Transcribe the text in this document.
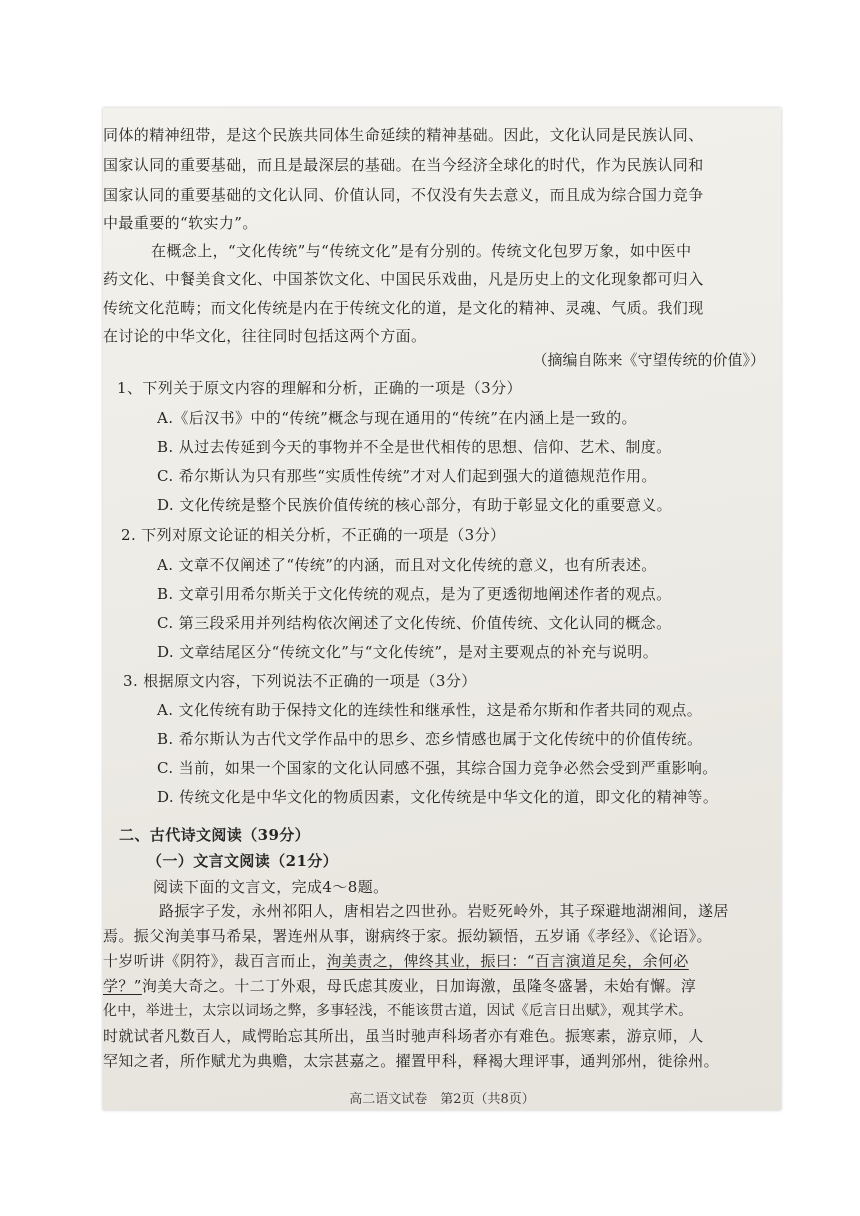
同体的精神纽带，是这个民族共同体生命延续的精神基础。因此，文化认同是民族认同、
国家认同的重要基础，而且是最深层的基础。在当今经济全球化的时代，作为民族认同和
国家认同的重要基础的文化认同、价值认同，不仅没有失去意义，而且成为综合国力竞争
中最重要的“软实力”。
在概念上，“文化传统”与“传统文化”是有分别的。传统文化包罗万象，如中医中
药文化、中餐美食文化、中国茶饮文化、中国民乐戏曲，凡是历史上的文化现象都可归入
传统文化范畴；而文化传统是内在于传统文化的道，是文化的精神、灵魂、气质。我们现
在讨论的中华文化，往往同时包括这两个方面。
（摘编自陈来《守望传统的价值》）
1、下列关于原文内容的理解和分析，正确的一项是（3分）
A.《后汉书》中的“传统”概念与现在通用的“传统”在内涵上是一致的。
B. 从过去传延到今天的事物并不全是世代相传的思想、信仰、艺术、制度。
C. 希尔斯认为只有那些“实质性传统”才对人们起到强大的道德规范作用。
D. 文化传统是整个民族价值传统的核心部分，有助于彰显文化的重要意义。
2. 下列对原文论证的相关分析，不正确的一项是（3分）
A. 文章不仅阐述了“传统”的内涵，而且对文化传统的意义，也有所表述。
B. 文章引用希尔斯关于文化传统的观点，是为了更透彻地阐述作者的观点。
C. 第三段采用并列结构依次阐述了文化传统、价值传统、文化认同的概念。
D. 文章结尾区分“传统文化”与“文化传统”，是对主要观点的补充与说明。
3. 根据原文内容，下列说法不正确的一项是（3分）
A. 文化传统有助于保持文化的连续性和继承性，这是希尔斯和作者共同的观点。
B. 希尔斯认为古代文学作品中的思乡、恋乡情感也属于文化传统中的价值传统。
C. 当前，如果一个国家的文化认同感不强，其综合国力竞争必然会受到严重影响。
D. 传统文化是中华文化的物质因素，文化传统是中华文化的道，即文化的精神等。
二、古代诗文阅读（39分）
（一）文言文阅读（21分）
阅读下面的文言文，完成4～8题。
路振字子发，永州祁阳人，唐相岩之四世孙。岩贬死岭外，其子琛避地湖湘间，遂居
焉。振父洵美事马希杲，署连州从事，谢病终于家。振幼颖悟，五岁诵《孝经》、《论语》。
十岁听讲《阴符》，裁百言而止，洵美责之，俾终其业，振曰：“百言演道足矣，余何必
学？”洵美大奇之。十二丁外艰，母氏虑其废业，日加诲激，虽隆冬盛暑，未始有懈。淳
化中，举进士，太宗以词场之弊，多事轻浅，不能该贯古道，因试《卮言日出赋》，观其学术。
时就试者凡数百人，咸愕眙忘其所出，虽当时驰声科场者亦有难色。振寒素，游京师，人
罕知之者，所作赋尤为典赡，太宗甚嘉之。擢置甲科，释褐大理评事，通判邠州，徙徐州。
高二语文试卷　第2页（共8页）
